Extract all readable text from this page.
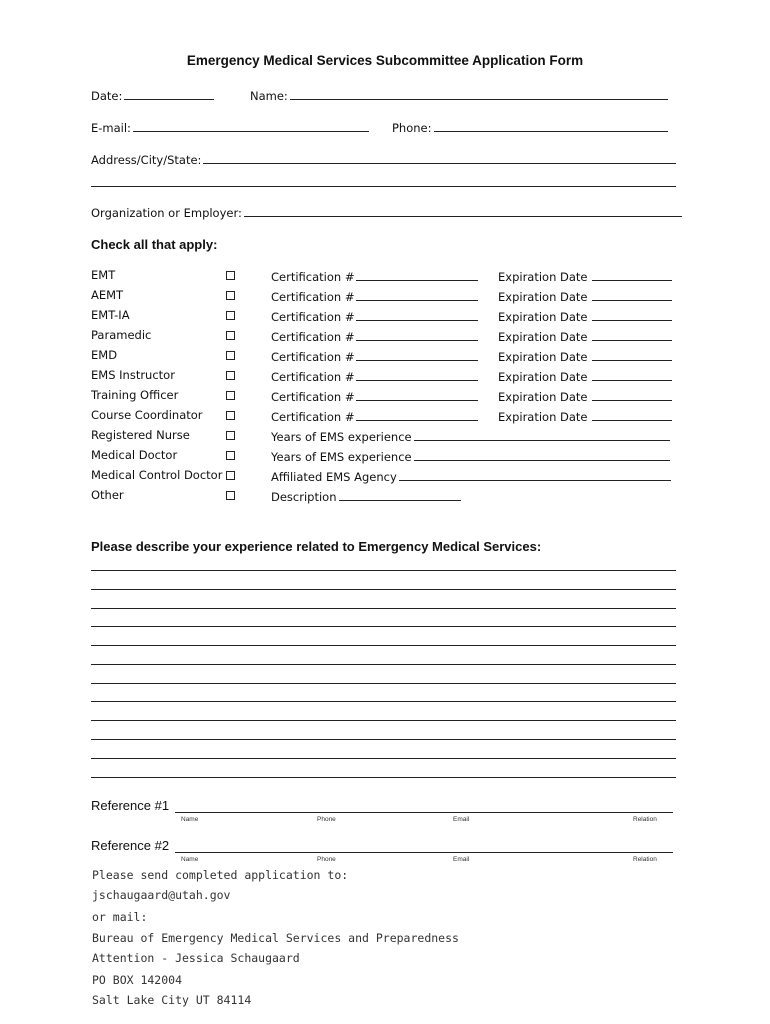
Emergency Medical Services Subcommittee Application Form
Date:	Name:
E-mail:	Phone:
Address/City/State:
Organization or Employer:
Check all that apply:
EMT	Certification #	Expiration Date
AEMT	Certification #	Expiration Date
EMT-IA	Certification #	Expiration Date
Paramedic	Certification #	Expiration Date
EMD	Certification #	Expiration Date
EMS Instructor	Certification #	Expiration Date
Training Officer	Certification #	Expiration Date
Course Coordinator	Certification #	Expiration Date
Registered Nurse	Years of EMS experience
Medical Doctor	Years of EMS experience
Medical Control Doctor	Affiliated EMS Agency
Other	Description
Please describe your experience related to Emergency Medical Services:
Reference #1
Name	Phone	Email	Relation
Reference #2
Name	Phone	Email	Relation
Please send completed application to:
jschaugaard@utah.gov
or mail:
Bureau of Emergency Medical Services and Preparedness
Attention - Jessica Schaugaard
PO BOX 142004
Salt Lake City UT 84114
